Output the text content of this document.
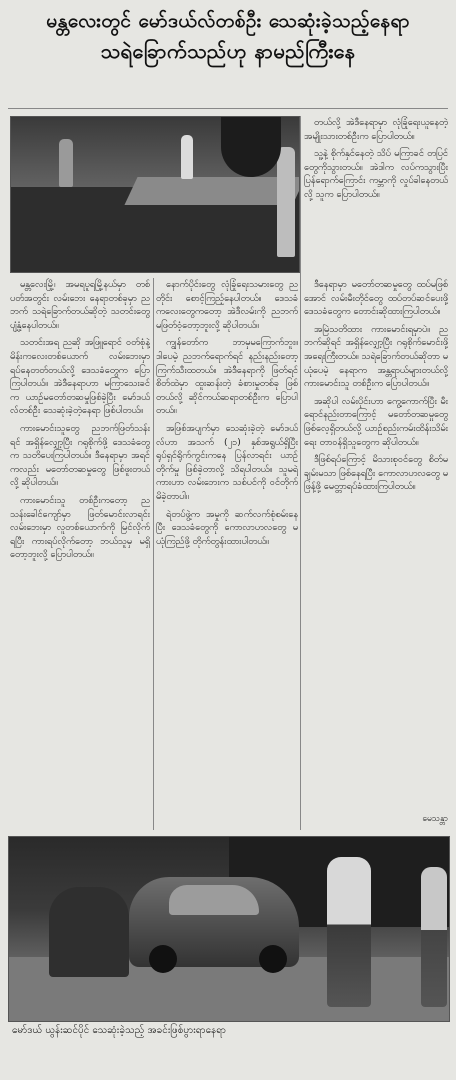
မန္တလေးတွင် မော်ဒယ်လ်တစ်ဦး သေဆုံးခဲ့သည့်နေရာ
သရဲခြောက်သည်ဟု နာမည်ကြီးနေ

တယ်လို့ အဲဒီနေရာမှာ လုံခြုံရေးယူနေတဲ့ အမျိုးသားတစ်ဦးက ပြောပါတယ်။

သူ့နဲ့ စိုက်နှင်နေတဲ့ သိပ် မကြာခင် တပြင်တွေကိုသွားတယ်။ အဲဒါက လပ်ကသွားပြီး ပြန်ရောက်ကြောင်း ကမ္ဘာကို လှုပ်ခါနေတယ်လို့ သူက ပြောပါတယ်။

မန္တလေးမြို့၊ အမရပူရမြို့နယ်မှာ တစ်ပတ်အတွင်း လမ်းဘေး နေရာတစ်ခုမှာ ညဘက် သရဲခြောက်တယ်ဆိုတဲ့ သတင်းတွေ ပျံ့နှံ့နေပါတယ်။

သတင်းအရ ညဆို အဖြူရောင် ဝတ်စုံနဲ့ မိန်းကလေးတစ်ယောက် လမ်းဘေးမှာ ရပ်နေတတ်တယ်လို့ ဒေသခံတွေက ပြောကြပါတယ်။ အဲဒီနေရာဟာ မကြာသေးခင်က ယာဉ်မတော်တဆမှုဖြစ်ခဲ့ပြီး မော်ဒယ်လ်တစ်ဦး သေဆုံးခဲ့တဲ့နေရာ ဖြစ်ပါတယ်။

ကားမောင်းသူတွေ ညဘက်ဖြတ်သန်းရင် အရှိန်လျှော့ပြီး ဂရုစိုက်ဖို့ ဒေသခံတွေက သတိပေးကြပါတယ်။ ဒီနေရာမှာ အရင်ကလည်း မတော်တဆမှုတွေ ဖြစ်ဖူးတယ်လို့ ဆိုပါတယ်။

ကားမောင်းသူ တစ်ဦးကတော့ ညသန်းခေါင်ကျော်မှာ ဖြတ်မောင်းလာရင်း လမ်းဘေးမှာ လူတစ်ယောက်ကို မြင်လိုက်ရပြီး ကားရပ်လိုက်တော့ ဘယ်သူမှ မရှိတော့ဘူးလို့ ပြောပါတယ်။

နောက်ပိုင်းတွေ လုံခြုံရေးသမားတွေ ညတိုင်း စောင့်ကြည့်နေပါတယ်။ ဒေသခံ ကလေးတွေကတော့ အဲဒီလမ်းကို ညဘက် မဖြတ်ဝံ့တော့ဘူးလို့ ဆိုပါတယ်။

ကျွန်တော်က ဘာမှမကြောက်ဘူး။ ဒါပေမဲ့ ညဘက်ရောက်ရင် နည်းနည်းတော့ ကြက်သီးထတယ်။ အဲဒီနေရာကို ဖြတ်ရင် စိတ်ထဲမှာ ထူးဆန်းတဲ့ ခံစားမှုတစ်ခု ဖြစ်တယ်လို့ ဆိုင်ကယ်ဆရာတစ်ဦးက ပြောပါတယ်။

အဖြစ်အပျက်မှာ သေဆုံးခဲ့တဲ့ မော်ဒယ်လ်ဟာ အသက် (၂၁) နှစ်အရွယ်ရှိပြီး ရုပ်ရှင်ရိုက်ကွင်းကနေ ပြန်လာရင်း ယာဉ်တိုက်မှု ဖြစ်ခဲ့တာလို့ သိရပါတယ်။ သူမရဲ့ ကားဟာ လမ်းဘေးက သစ်ပင်ကို ဝင်တိုက်မိခဲ့တာပါ။

ရဲတပ်ဖွဲ့က အမှုကို ဆက်လက်စုံစမ်းနေပြီး ဒေသခံတွေကို ကောလာဟလတွေ မယုံကြည်ဖို့ တိုက်တွန်းထားပါတယ်။

ဒီနေရာမှာ မတော်တဆမှုတွေ ထပ်မဖြစ်အောင် လမ်းမီးတိုင်တွေ ထပ်တပ်ဆင်ပေးဖို့ ဒေသခံတွေက တောင်းဆိုထားကြပါတယ်။

အမြဲသတိထား ကားမောင်းရမှာပဲ။ ညဘက်ဆိုရင် အရှိန်လျှော့ပြီး ဂရုစိုက်မောင်းဖို့ အရေးကြီးတယ်။ သရဲခြောက်တယ်ဆိုတာ မယုံပေမဲ့ နေရာက အန္တရာယ်များတယ်လို့ ကားမောင်းသူ တစ်ဦးက ပြောပါတယ်။

အဆိုပါ လမ်းပိုင်းဟာ ကွေ့ကောက်ပြီး မီးရောင်နည်းတာကြောင့် မတော်တဆမှုတွေ ဖြစ်လေ့ရှိတယ်လို့ ယာဉ်စည်းကမ်းထိန်းသိမ်းရေး တာဝန်ရှိသူတွေက ဆိုပါတယ်။

ဒီဖြစ်ရပ်ကြောင့် မိသားစုဝင်တွေ စိတ်မချမ်းမသာ ဖြစ်နေရပြီး ကောလာဟလတွေ မဖြန့်ဖို့ မေတ္တာရပ်ခံထားကြပါတယ်။

မေသန္တာ
မော်ဒယ် ယွန်းဆင်ပိုင် သေဆုံးခဲ့သည့် အခင်းဖြစ်ပွားရာနေရာ
